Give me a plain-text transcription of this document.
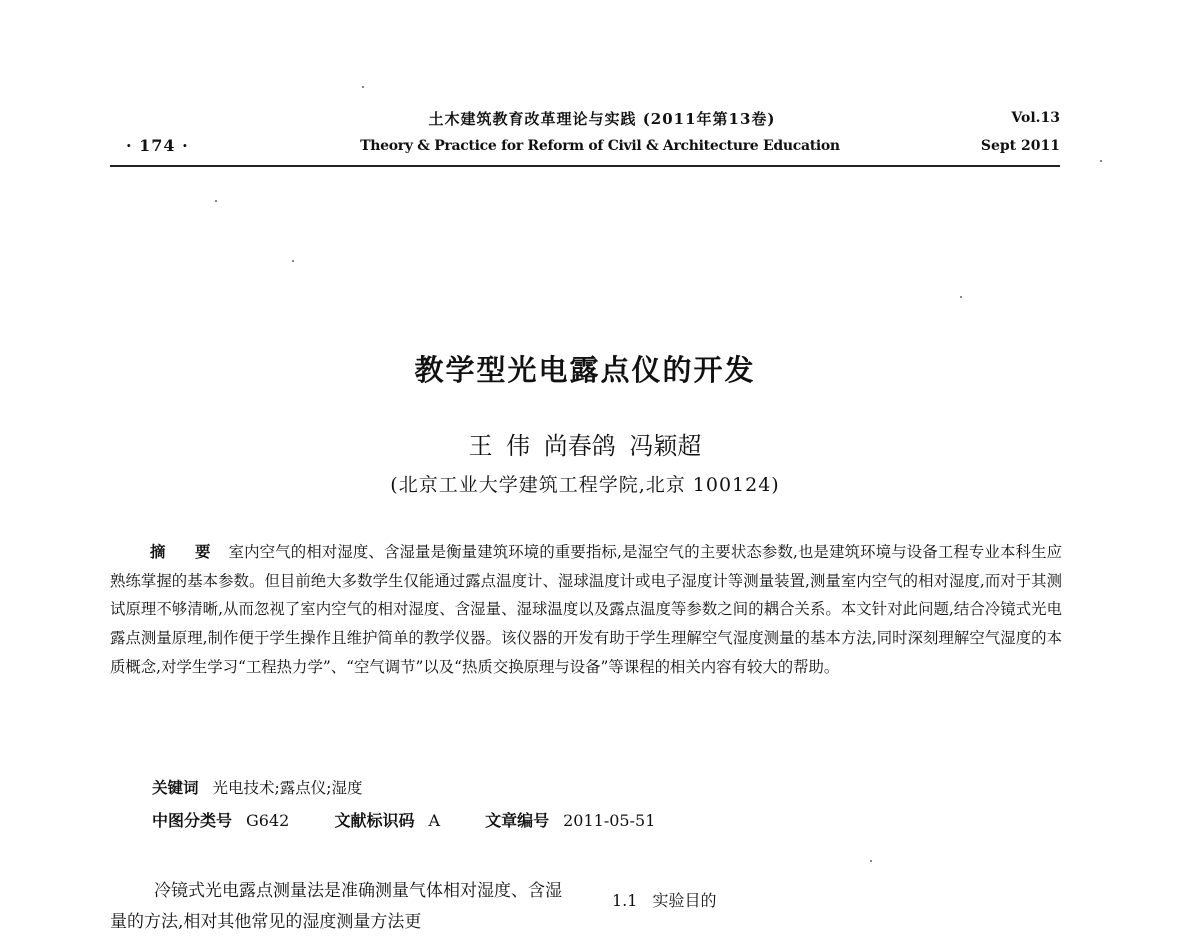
土木建筑教育改革理论与实践 (2011年第13卷)
Theory & Practice for Reform of Civil & Architecture Education
· 174 ·
Vol.13
Sept 2011
教学型光电露点仪的开发
王 伟 尚春鸽 冯颖超
(北京工业大学建筑工程学院,北京 100124)
摘 要 室内空气的相对湿度、含湿量是衡量建筑环境的重要指标,是湿空气的主要状态参数,也是建筑环境与设备工程专业本科生应熟练掌握的基本参数。但目前绝大多数学生仅能通过露点温度计、湿球温度计或电子湿度计等测量装置,测量室内空气的相对湿度,而对于其测试原理不够清晰,从而忽视了室内空气的相对湿度、含湿量、湿球温度以及露点温度等参数之间的耦合关系。本文针对此问题,结合冷镜式光电露点测量原理,制作便于学生操作且维护简单的教学仪器。该仪器的开发有助于学生理解空气湿度测量的基本方法,同时深刻理解空气湿度的本质概念,对学生学习“工程热力学”、“空气调节”以及“热质交换原理与设备”等课程的相关内容有较大的帮助。
关键词 光电技术;露点仪;湿度
中图分类号 G642	文献标识码 A	文章编号 2011-05-51
冷镜式光电露点测量法是准确测量气体相对湿度、含湿量的方法,相对其他常见的湿度测量方法更
1.1 实验目的
